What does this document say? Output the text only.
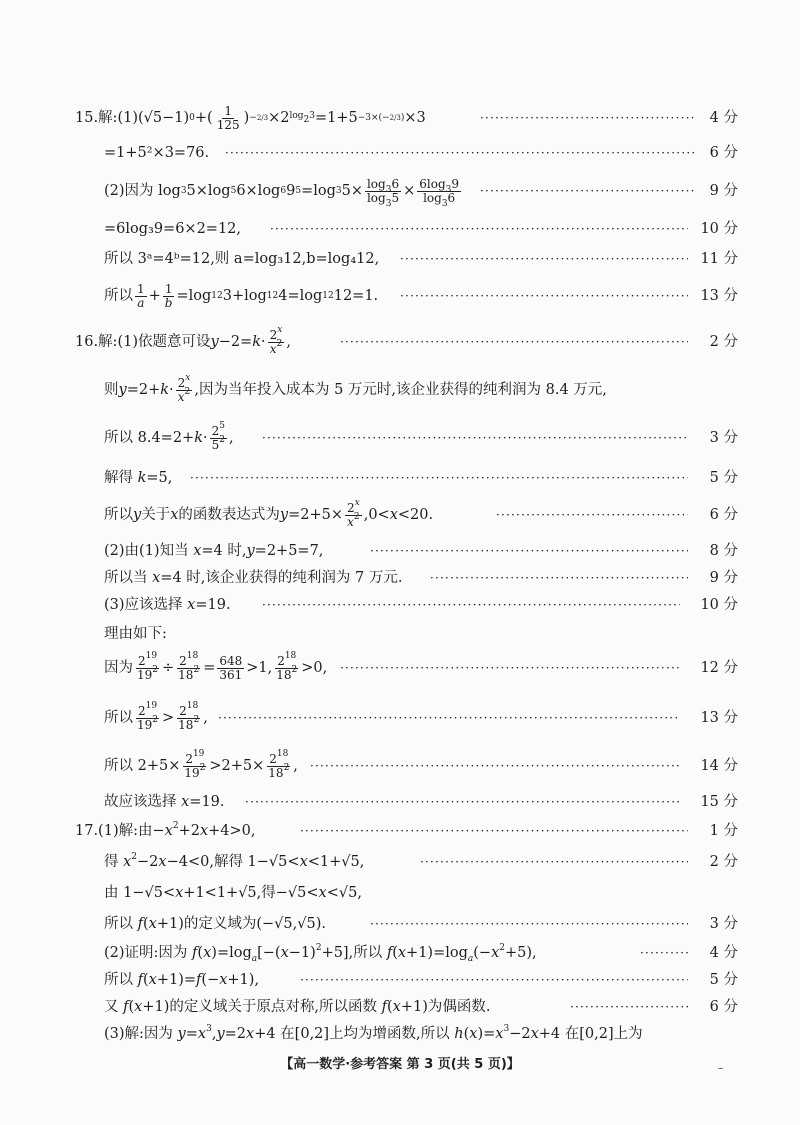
15.解:(1)(√5−1) 0 +( $\frac{1}{125}$ ) −2/3 ×2 $\log_23 =1+5 -3\times(-2/3) \times 3$ ·····	4 分
=1+5²×3=76. ·····	6 分
(2)因为 log 3 5×log 5 6×log 6 9 5 =log 3 $5\times \frac{\log_36}{\log_35} \times \frac{6\log_39}{\log_36}$ ·····	9 分
=6log₃9=6×2=12, ·····	10 分
所以 3ᵃ=4ᵇ=12,则 a=log₃12,b=log₄12, ·····	11 分
所以 $\frac{1}{a} + \frac{1}{b} =\log$ 12 3+log 12 4=log 12 12=1. ·····	13 分
16.解:(1)依题意可设 $y -2= k \cdot \frac{2^x}{x^2}$ , ·····	2 分
则 $y =2+ k \cdot \frac{2^x}{x^2}$ ,因为当年投入成本为 5 万元时,该企业获得的纯利润为 8.4 万元,
所以 $8.4=2+ k \cdot \frac{2^5}{5^2}$ , ·····	3 分
解得 k=5, ·····	5 分
所以 y 关于 x 的函数表达式为 $y =2+5\times \frac{2^x}{x^2} ,0< x <20$. ·····	6 分
(2)由(1)知当 x=4 时,y=2+5=7, ·····	8 分
所以当 x=4 时,该企业获得的纯利润为 7 万元. ·····	9 分
(3)应该选择 x=19. ·····	10 分
理由如下:
因为 $\frac{2^{19}}{19^2} \div \frac{2^{18}}{18^2} = \frac{648}{361} >1$, $\frac{2^{18}}{18^2} >0$, ·····	12 分
所以 $\frac{2^{19}}{19^2} > \frac{2^{18}}{18^2}$ , ·····	13 分
所以 $2+5\times \frac{2^{19}}{19^2} >2+5\times \frac{2^{18}}{18^2}$ , ·····	14 分
故应该选择 x=19. ·····	15 分
17.(1)解:由$-x^2+2x+4>0$, ·····	1 分
得 $x^2-2x-4<0$,解得 1−√5<x<1+√5, ·····	2 分
由 1−√5<x+1<1+√5,得−√5<x<√5,
所以 f(x+1)的定义域为(−√5,√5). ·····	3 分
(2)证明:因为 $f(x)=\log_a[-(x-1)^2+5]$,所以 $f(x+1)=\log_a(-x^2+5)$, ·····	4 分
所以 f(x+1)=f(−x+1), ·····	5 分
又 f(x+1)的定义域关于原点对称,所以函数 f(x+1)为偶函数. ·····	6 分
(3)解:因为 $y=x^3,y=2x+4$ 在[0,2]上均为增函数,所以 $h(x)=x^3-2x+4$ 在[0,2]上为
【高一数学·参考答案 第 3 页(共 5 页)】	–
